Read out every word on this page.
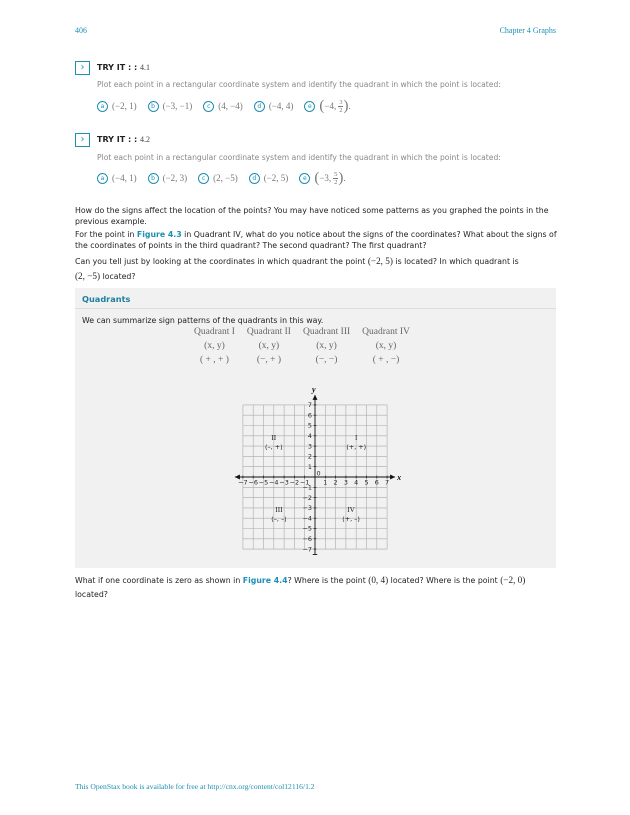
406	Chapter 4 Graphs
›	TRY IT : : 4.1
Plot each point in a rectangular coordinate system and identify the quadrant in which the point is located:
a (−2, 1)	b (−3, −1)	c (4, −4)	d (−4, 4)	e ( −4, $\frac{3}{2}$ ) .
›	TRY IT : : 4.2
Plot each point in a rectangular coordinate system and identify the quadrant in which the point is located:
a (−4, 1)	b (−2, 3)	c (2, −5)	d (−2, 5)	e ( −3, $\frac{5}{2}$ ) .
How do the signs affect the location of the points? You may have noticed some patterns as you graphed the points in the previous example.
For the point in Figure 4.3 in Quadrant IV, what do you notice about the signs of the coordinates? What about the signs of the coordinates of points in the third quadrant? The second quadrant? The first quadrant?
Can you tell just by looking at the coordinates in which quadrant the point (−2, 5) is located? In which quadrant is
(2, −5) located?
Quadrants
We can summarize sign patterns of the quadrants in this way.
Quadrant I	Quadrant II	Quadrant III	Quadrant IV
(x, y)	(x, y)	(x, y)	(x, y)
( + , + )	(−, + )	(−, −)	( + , −)
x
y
−7 −6 −5 −4 −3 −2 −1 1 2 3 4 5 6 7
7
6
5
4
3
2
1
−1
−2
−3
−4
−5
−6
−7
0
II
(–, +)
I
(+, +)
III
(–, –)
IV
(+, –)
What if one coordinate is zero as shown in Figure 4.4? Where is the point (0, 4) located? Where is the point (−2, 0)
located?
This OpenStax book is available for free at http://cnx.org/content/col12116/1.2
